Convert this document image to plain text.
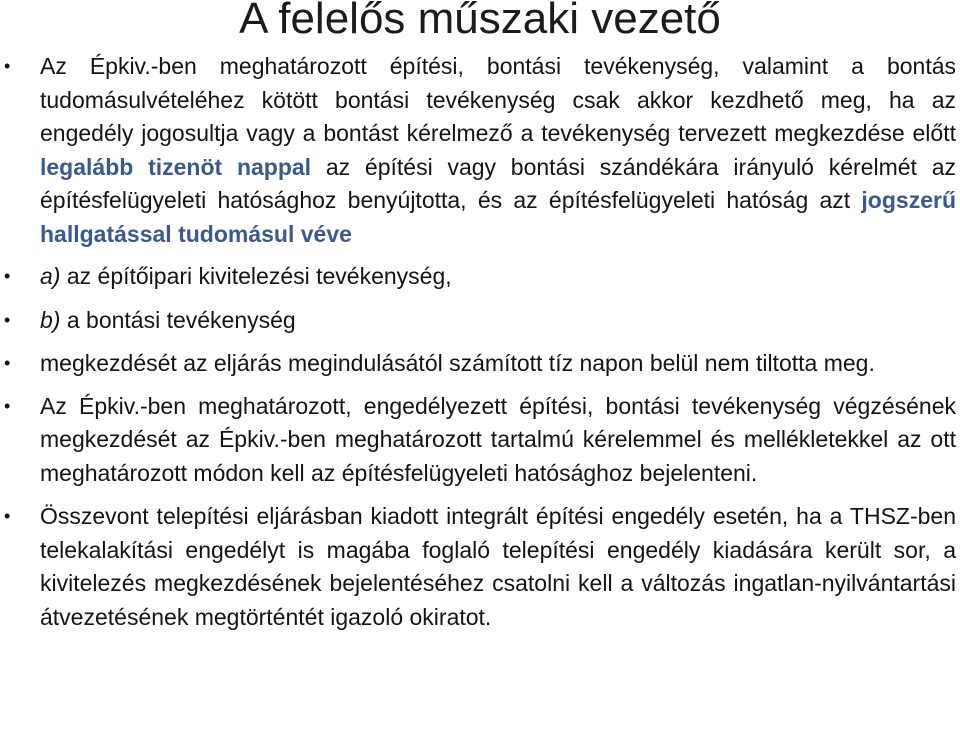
A felelős műszaki vezető
•	Az Épkiv.-ben meghatározott építési, bontási tevékenység, valamint a bontás tudomásulvételéhez kötött bontási tevékenység csak akkor kezdhető meg, ha az engedély jogosultja vagy a bontást kérelmező a tevékenység tervezett megkezdése előtt legalább tizenöt nappal az építési vagy bontási szándékára irányuló kérelmét az építésfelügyeleti hatósághoz benyújtotta, és az építésfelügyeleti hatóság azt jogszerű hallgatással tudomásul véve
•	a) az építőipari kivitelezési tevékenység,
•	b) a bontási tevékenység
•	megkezdését az eljárás megindulásától számított tíz napon belül nem tiltotta meg.
•	Az Épkiv.-ben meghatározott, engedélyezett építési, bontási tevékenység végzésének megkezdését az Épkiv.-ben meghatározott tartalmú kérelemmel és mellékletekkel az ott meghatározott módon kell az építésfelügyeleti hatósághoz bejelenteni.
•	Összevont telepítési eljárásban kiadott integrált építési engedély esetén, ha a THSZ-ben telekalakítási engedélyt is magába foglaló telepítési engedély kiadására került sor, a kivitelezés megkezdésének bejelentéséhez csatolni kell a változás ingatlan-nyilvántartási átvezetésének megtörténtét igazoló okiratot.
